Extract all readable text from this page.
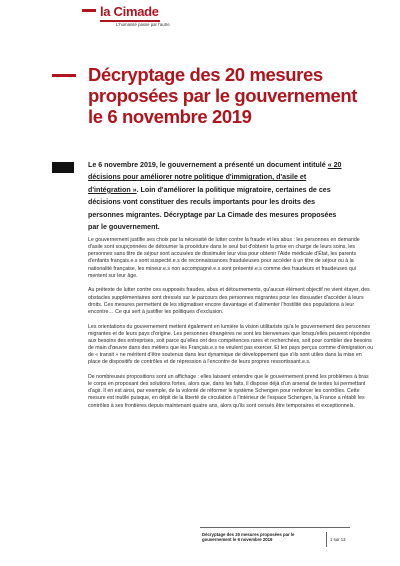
la Cimade
L'humanité passe par l'autre
Décryptage des 20 mesures proposées par le gouvernement le 6 novembre 2019

Le 6 novembre 2019, le gouvernement a présenté un document intitulé « 20 décisions pour améliorer notre politique d'immigration, d'asile et d'intégration ». Loin d'améliorer la politique migratoire, certaines de ces décisions vont constituer des reculs importants pour les droits des personnes migrantes. Décryptage par La Cimade des mesures proposées par le gouvernement.

Le gouvernement justifie ses choix par la nécessité de lutter contre la fraude et les abus : les personnes en demande d'asile sont soupçonnées de détourner la procédure dans le seul but d'obtenir la prise en charge de leurs soins, les personnes sans titre de séjour sont accusées de dissimuler leur visa pour obtenir l'Aide médicale d'État, les parents d'enfants français.e.s sont suspecté.e.s de reconnaissances frauduleuses pour accéder à un titre de séjour ou à la nationalité française, les mineur.e.s non accompagné.e.s sont présenté.e.s comme des fraudeurs et fraudeuses qui mentent sur leur âge.

Au prétexte de lutter contre ces supposés fraudes, abus et détournements, qu'aucun élément objectif ne vient étayer, des obstacles supplémentaires sont dressés sur le parcours des personnes migrantes pour les dissuader d'accéder à leurs droits. Ces mesures permettent de les stigmatiser encore davantage et d'alimenter l'hostilité des populations à leur encontre… Ce qui sert à justifier les politiques d'exclusion.

Les orientations du gouvernement mettent également en lumière la vision utilitariste qu'a le gouvernement des personnes migrantes et de leurs pays d'origine. Les personnes étrangères ne sont les bienvenues que lorsqu'elles peuvent répondre aux besoins des entreprises, soit parce qu'elles ont des compétences rares et recherchées, soit pour combler des besoins de main d'œuvre dans des métiers que les Français.e.s ne veulent pas exercer. Et les pays perçus comme d'émigration ou de « transit » ne méritent d'être soutenus dans leur dynamique de développement que s'ils sont utiles dans la mise en place de dispositifs de contrôles et de répression à l'encontre de leurs propres ressortissant.e.s.

De nombreuses propositions sont un affichage : elles laissent entendre que le gouvernement prend les problèmes à bras le corps en proposant des solutions fortes, alors que, dans les faits, il dispose déjà d'un arsenal de textes lui permettant d'agir. Il en est ainsi, par exemple, de la volonté de réformer le système Schengen pour renforcer les contrôles. Cette mesure est inutile puisque, en dépit de la liberté de circulation à l'intérieur de l'espace Schengen, la France a rétabli les contrôles à ses frontières depuis maintenant quatre ans, alors qu'ils sont censés être temporaires et exceptionnels.

Décryptage des 20 mesures proposées par le gouvernement le 6 novembre 2019	1 sur 13
